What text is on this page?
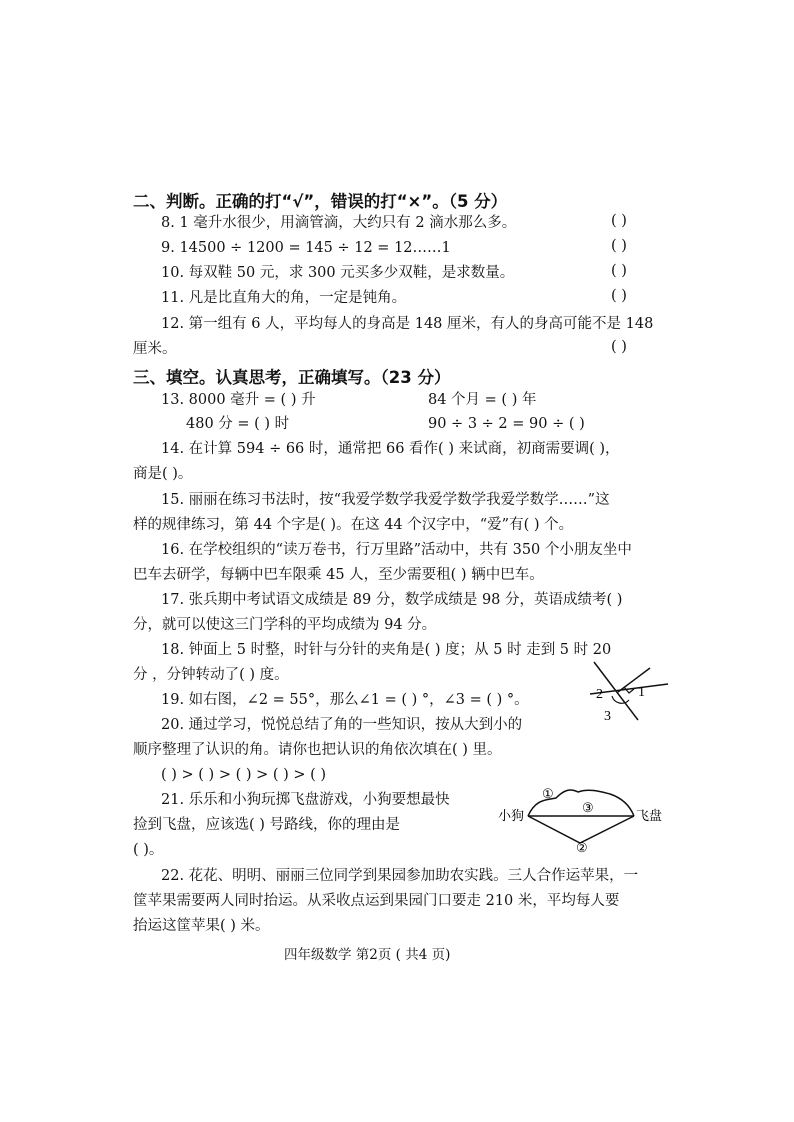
二、判断。正确的打“√”，错误的打“×”。（5 分）
8. 1 毫升水很少，用滴管滴，大约只有 2 滴水那么多。	( )
9. 14500 ÷ 1200 = 145 ÷ 12 = 12……1	( )
10. 每双鞋 50 元，求 300 元买多少双鞋，是求数量。	( )
11. 凡是比直角大的角，一定是钝角。	( )
12. 第一组有 6 人，平均每人的身高是 148 厘米，有人的身高可能不是 148
厘米。	( )
三、填空。认真思考，正确填写。（23 分）
13. 8000 毫升 = ( ) 升	84 个月 = ( ) 年
480 分 = ( ) 时	90 ÷ 3 ÷ 2 = 90 ÷ ( )
14. 在计算 594 ÷ 66 时，通常把 66 看作( ) 来试商，初商需要调( )，
商是( )。
15. 丽丽在练习书法时，按“我爱学数学我爱学数学我爱学数学……”这
样的规律练习，第 44 个字是( )。在这 44 个汉字中，“爱”有( ) 个。
16. 在学校组织的“读万卷书，行万里路”活动中，共有 350 个小朋友坐中
巴车去研学，每辆中巴车限乘 45 人，至少需要租( ) 辆中巴车。
17. 张兵期中考试语文成绩是 89 分，数学成绩是 98 分，英语成绩考( )
分，就可以使这三门学科的平均成绩为 94 分。
18. 钟面上 5 时整，时针与分针的夹角是( ) 度；从 5 时 走到 5 时 20
分 ，分钟转动了( ) 度。
19. 如右图，∠2 = 55°，那么∠1 = ( ) °，∠3 = ( ) °。	2	1
3
20. 通过学习，悦悦总结了角的一些知识，按从大到小的
顺序整理了认识的角。请你也把认识的角依次填在( ) 里。
( ) > ( ) > ( ) > ( ) > ( )
21. 乐乐和小狗玩掷飞盘游戏，小狗要想最快
捡到飞盘，应该选( ) 号路线，你的理由是
( )。
小狗	飞盘
①
③
②
22. 花花、明明、丽丽三位同学到果园参加助农实践。三人合作运苹果，一
筐苹果需要两人同时抬运。从采收点运到果园门口要走 210 米，平均每人要
抬运这筐苹果( ) 米。
四年级数学 第2页 ( 共4 页)
